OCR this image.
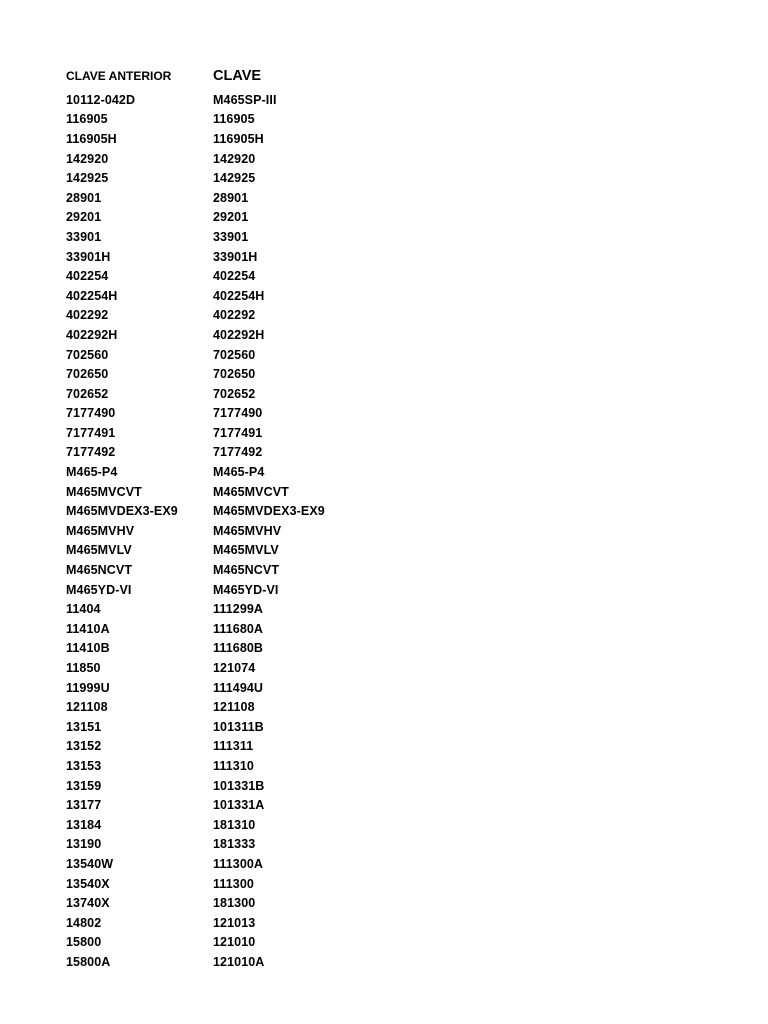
CLAVE ANTERIOR	CLAVE
10112-042D	M465SP-III
116905	116905
116905H	116905H
142920	142920
142925	142925
28901	28901
29201	29201
33901	33901
33901H	33901H
402254	402254
402254H	402254H
402292	402292
402292H	402292H
702560	702560
702650	702650
702652	702652
7177490	7177490
7177491	7177491
7177492	7177492
M465-P4	M465-P4
M465MVCVT	M465MVCVT
M465MVDEX3-EX9	M465MVDEX3-EX9
M465MVHV	M465MVHV
M465MVLV	M465MVLV
M465NCVT	M465NCVT
M465YD-VI	M465YD-VI
11404	111299A
11410A	111680A
11410B	111680B
11850	121074
11999U	111494U
121108	121108
13151	101311B
13152	111311
13153	111310
13159	101331B
13177	101331A
13184	181310
13190	181333
13540W	111300A
13540X	111300
13740X	181300
14802	121013
15800	121010
15800A	121010A
